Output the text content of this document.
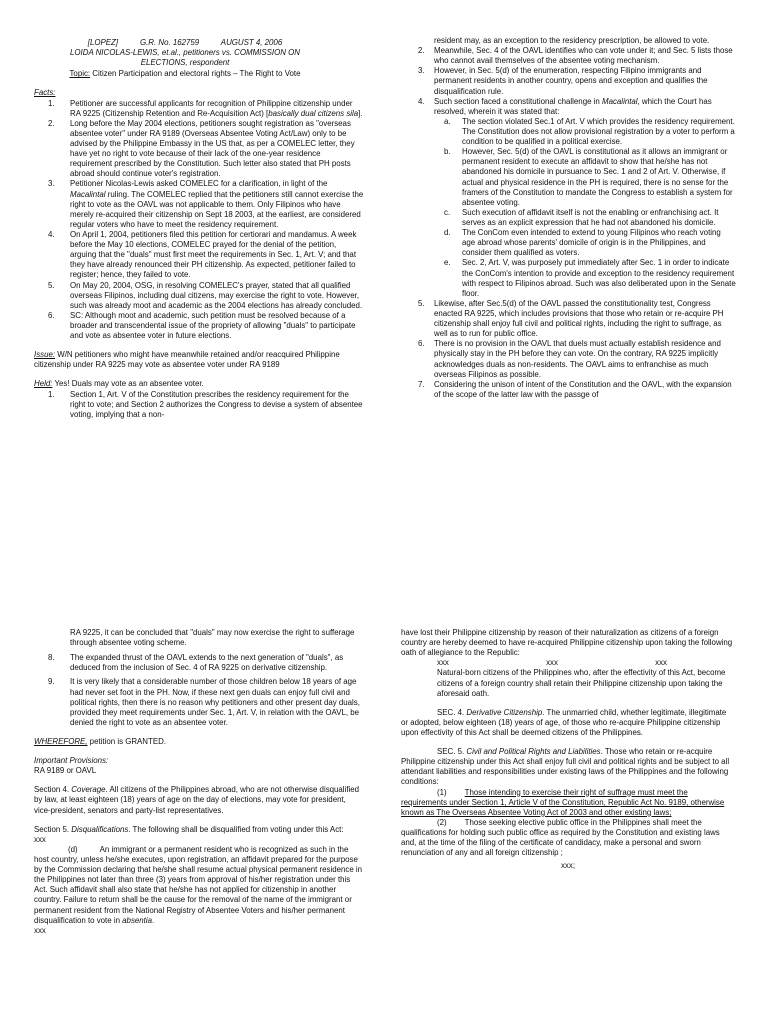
[LOPEZ]          G.R. No. 162759          AUGUST 4, 2006

LOIDA NICOLAS-LEWIS, et.al., petitioners vs. COMMISSION ON

ELECTIONS, respondent

Topic: Citizen Participation and electoral rights – The Right to Vote

Facts:

1. Petitioner are successful applicants for recognition of Philippine citizenship under RA 9225 (Citizenship Retention and Re-Acquisition Act) [basically dual citizens sila].
2. Long before the May 2004 elections, petitioners sought registration as "overseas absentee voter" under RA 9189 (Overseas Absentee Voting Act/Law) only to be advised by the Philippine Embassy in the US that, as per a COMELEC letter, they have yet no right to vote because of their lack of the one-year residence requirement prescribed by the Constitution. Such letter also stated that PH posts abroad should continue voter's registration.
3. Petitioner Nicolas-Lewis asked COMELEC for a clarification, in light of the Macalintal ruling. The COMELEC replied that the petitioners still cannot exercise the right to vote as the OAVL was not applicable to them. Only Filipinos who have merely re-acquired their citizenship on Sept 18 2003, at the earliest, are considered regular voters who have to meet the residency requirement.
4. On April 1, 2004, petitioners filed this petition for certiorari and mandamus. A week before the May 10 elections, COMELEC prayed for the denial of the petition, arguing that the "duals" must first meet the requirements in Sec. 1, Art. V; and that they have already renounced their PH citizenship. As expected, petitioner failed to register; hence, they failed to vote.
5. On May 20, 2004, OSG, in resolving COMELEC's prayer, stated that all qualified overseas Filipinos, including dual citizens, may exercise the right to vote. However, such was already moot and academic as the 2004 elections has already concluded.
6. SC: Although moot and academic, such petition must be resolved because of a broader and transcendental issue of the propriety of allowing "duals" to participate and vote as absentee voter in future elections.

Issue: W/N petitioners who might have meanwhile retained and/or reacquired Philippine citizenship under RA 9225 may vote as absentee voter under RA 9189

Held: Yes! Duals may vote as an absentee voter.

1. Section 1, Art. V of the Constitution prescribes the residency requirement for the right to vote; and Section 2 authorizes the Congress to devise a system of absentee voting, implying that a non-

resident may, as an exception to the residency prescription, be allowed to vote.

2. Meanwhile, Sec. 4 of the OAVL identifies who can vote under it; and Sec. 5 lists those who cannot avail themselves of the absentee voting mechanism.
3. However, in Sec. 5(d) of the enumeration, respecting Filipino immigrants and permanent residents in another country, opens and exception and qualifies the disqualification rule.
4. Such section faced a constitutional challenge in Macalintal, which the Court has resolved, wherein it was stated that:
a. The section violated Sec.1 of Art. V which provides the residency requirement. The Constitution does not allow provisional registration by a voter to perform a condition to be qualified in a political exercise.
b. However, Sec. 5(d) of the OAVL is constitutional as it allows an immigrant or permanent resident to execute an affidavit to show that he/she has not abandoned his domicile in pursuance to Sec. 1 and 2 of Art. V. Otherwise, if actual and physical residence in the PH is required, there is no sense for the framers of the Constitution to mandate the Congress to establish a system for absentee voting.
c. Such execution of affidavit itself is not the enabling or enfranchising act. It serves as an explicit expression that he had not abandoned his domicile.
d. The ConCom even intended to extend to young Filipinos who reach voting age abroad whose parents' domicile of origin is in the Philippines, and consider them qualified as voters.
e. Sec. 2, Art. V, was purposely put immediately after Sec. 1 in order to indicate the ConCom's intention to provide and exception to the residency requirement with respect to Filipinos abroad. Such was also deliberated upon in the Senate floor.
5. Likewise, after Sec.5(d) of the OAVL passed the constitutionality test, Congress enacted RA 9225, which includes provisions that those who retain or re-acquire PH citizenship shall enjoy full civil and political rights, including the right to suffrage, as well as to run for public office.
6. There is no provision in the OAVL that duels must actually establish residence and physically stay in the PH before they can vote. On the contrary, RA 9225 implicitly acknowledges duals as non-residents. The OAVL aims to enfranchise as much overseas Filipinos as possible.
7. Considering the unison of intent of the Constitution and the OAVL, with the expansion of the scope of the latter law with the passge of

RA 9225, it can be concluded that "duals" may now exercise the right to sufferage through absentee voting scheme.

8. The expanded thrust of the OAVL extends to the next generation of "duals", as deduced from the inclusion of Sec. 4 of RA 9225 on derivative citizenship.
9. It is very likely that a considerable number of those children below 18 years of age had never set foot in the PH. Now, if these next gen duals can enjoy full civil and political rights, then there is no reason why petitioners and other present day duals, provided they meet requirements under Sec. 1, Art. V, in relation with the OAVL, be denied the right to vote as an absentee voter.

WHEREFORE, petition is GRANTED.

Important Provisions:

RA 9189 or OAVL

Section 4. Coverage. All citizens of the Philippines abroad, who are not otherwise disqualified by law, at least eighteen (18) years of age on the day of elections, may vote for president, vice-president, senators and party-list representatives.

Section 5. Disqualifications. The following shall be disqualified from voting under this Act:

xxx

(d)	An immigrant or a permanent resident who is recognized as such in the host country, unless he/she executes, upon registration, an affidavit prepared for the purpose by the Commission declaring that he/she shall resume actual physical permanent residence in the Philippines not later than three (3) years from approval of his/her registration under this Act. Such affidavit shall also state that he/she has not applied for citizenship in another country. Failure to return shall be the cause for the removal of the name of the immigrant or permanent resident from the National Registry of Absentee Voters and his/her permanent disqualification to vote in absentia.

xxx

have lost their Philippine citizenship by reason of their naturalization as citizens of a foreign country are hereby deemed to have re-acquired Philippine citizenship upon taking the following oath of allegiance to the Republic:

xxx	xxx	xxx

Natural-born citizens of the Philippines who, after the effectivity of this Act, become citizens of a foreign country shall retain their Philippine citizenship upon taking the aforesaid oath.

SEC. 4. Derivative Citizenship. The unmarried child, whether legitimate, illegitimate or adopted, below eighteen (18) years of age, of those who re-acquire Philippine citizenship upon effectivity of this Act shall be deemed citizens of the Philippines.

SEC. 5. Civil and Political Rights and Liabilities. Those who retain or re-acquire Philippine citizenship under this Act shall enjoy full civil and political rights and be subject to all attendant liabilities and responsibilities under existing laws of the Philippines and the following conditions:

(1) Those intending to exercise their right of suffrage must meet the requirements under Section 1, Article V of the Constitution, Republic Act No. 9189, otherwise known as The Overseas Absentee Voting Act of 2003 and other existing laws;

(2) Those seeking elective public office in the Philippines shall meet the qualifications for holding such public office as required by the Constitution and existing laws and, at the time of the filing of the certificate of candidacy, make a personal and sworn renunciation of any and all foreign citizenship ;

xxx;
